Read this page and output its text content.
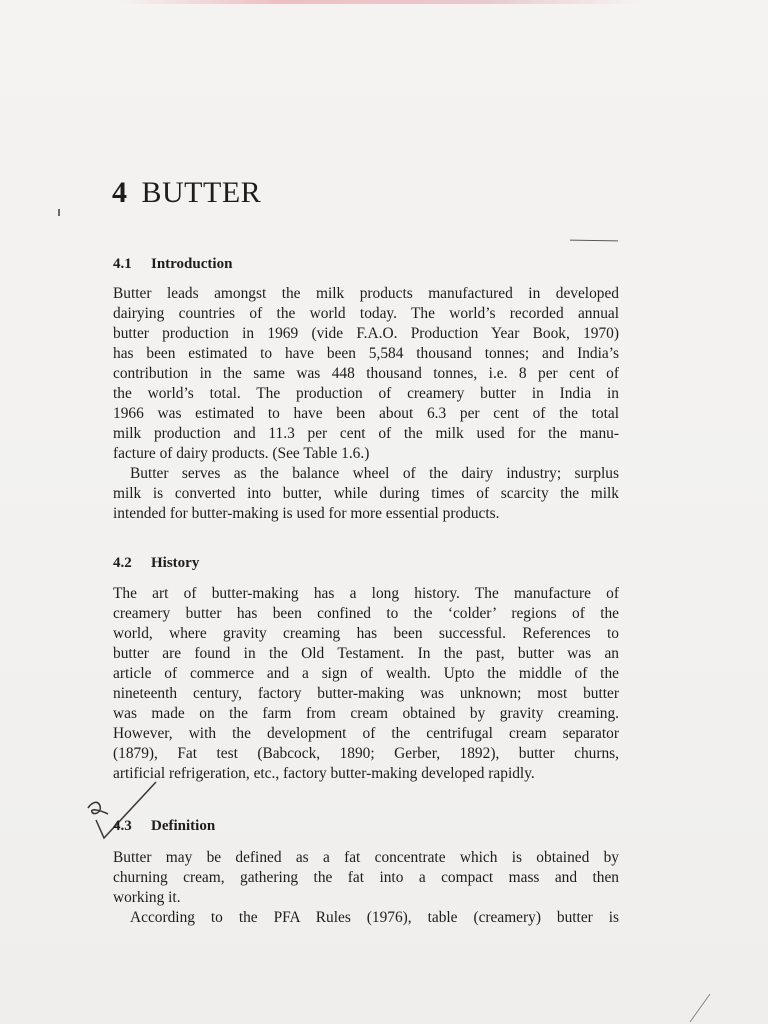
4 BUTTER
4.1 Introduction
Butter leads amongst the milk products manufactured in developed
dairying countries of the world today. The world’s recorded annual
butter production in 1969 (vide F.A.O. Production Year Book, 1970)
has been estimated to have been 5,584 thousand tonnes; and India’s
contribution in the same was 448 thousand tonnes, i.e. 8 per cent of
the world’s total. The production of creamery butter in India in
1966 was estimated to have been about 6.3 per cent of the total
milk production and 11.3 per cent of the milk used for the manu-
facture of dairy products. (See Table 1.6.)
Butter serves as the balance wheel of the dairy industry; surplus
milk is converted into butter, while during times of scarcity the milk
intended for butter-making is used for more essential products.
4.2 History
The art of butter-making has a long history. The manufacture of
creamery butter has been confined to the ‘colder’ regions of the
world, where gravity creaming has been successful. References to
butter are found in the Old Testament. In the past, butter was an
article of commerce and a sign of wealth. Upto the middle of the
nineteenth century, factory butter-making was unknown; most butter
was made on the farm from cream obtained by gravity creaming.
However, with the development of the centrifugal cream separator
(1879), Fat test (Babcock, 1890; Gerber, 1892), butter churns,
artificial refrigeration, etc., factory butter-making developed rapidly.
4.3 Definition
Butter may be defined as a fat concentrate which is obtained by
churning cream, gathering the fat into a compact mass and then
working it.
According to the PFA Rules (1976), table (creamery) butter is
